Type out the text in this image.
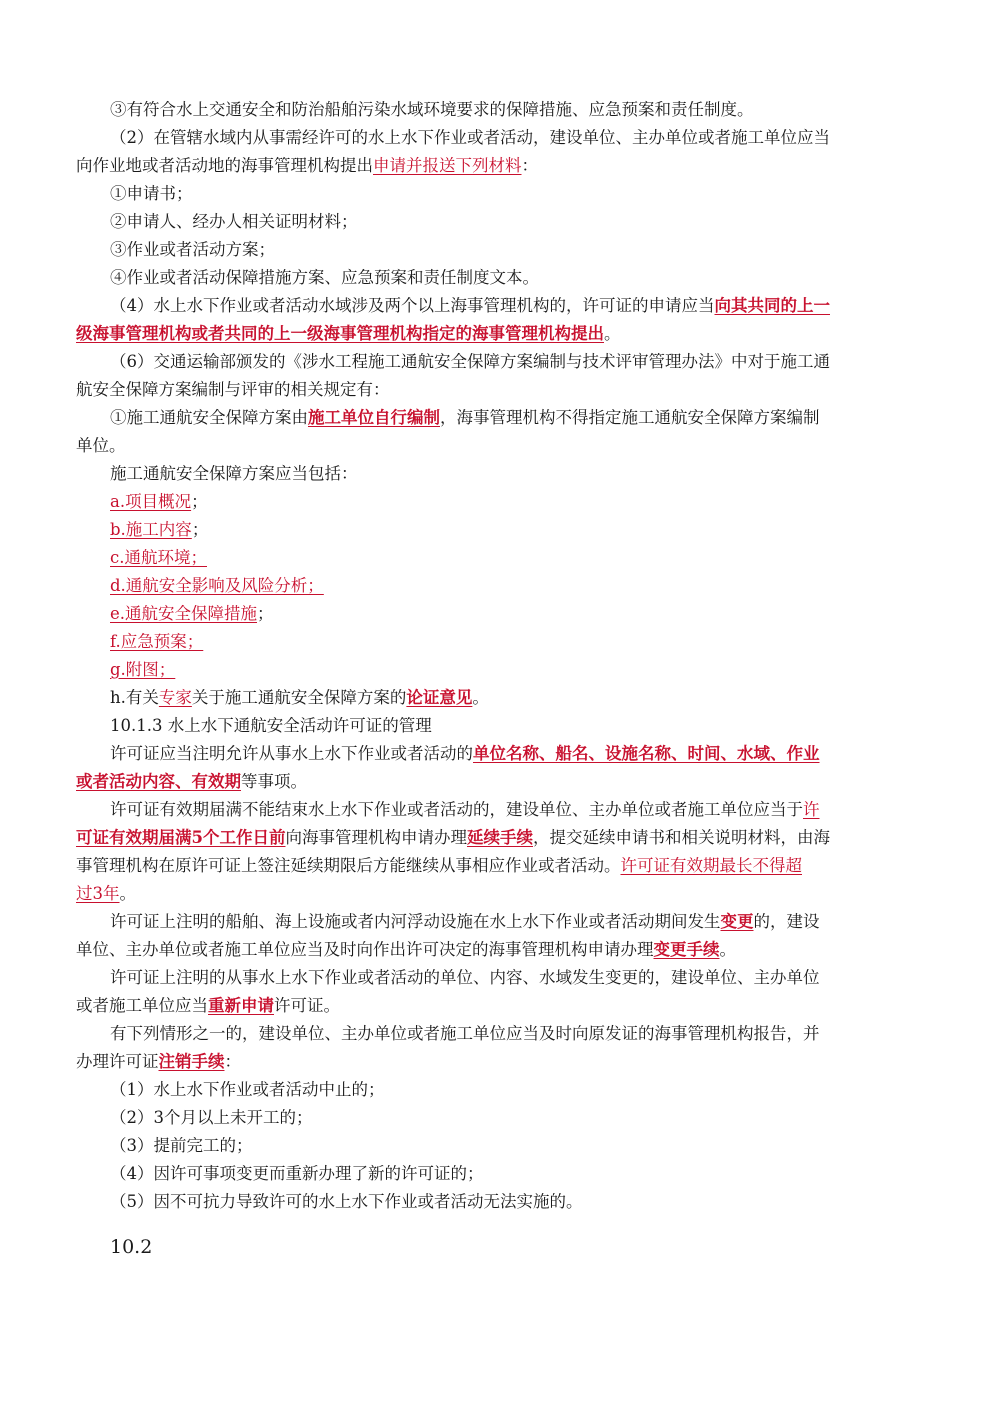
③有符合水上交通安全和防治船舶污染水域环境要求的保障措施、应急预案和责任制度。
（2）在管辖水域内从事需经许可的水上水下作业或者活动，建设单位、主办单位或者施工单位应当
向作业地或者活动地的海事管理机构提出申请并报送下列材料：
①申请书；
②申请人、经办人相关证明材料；
③作业或者活动方案；
④作业或者活动保障措施方案、应急预案和责任制度文本。
（4）水上水下作业或者活动水域涉及两个以上海事管理机构的，许可证的申请应当向其共同的上一
级海事管理机构或者共同的上一级海事管理机构指定的海事管理机构提出。
（6）交通运输部颁发的《涉水工程施工通航安全保障方案编制与技术评审管理办法》中对于施工通
航安全保障方案编制与评审的相关规定有：
①施工通航安全保障方案由施工单位自行编制，海事管理机构不得指定施工通航安全保障方案编制
单位。
施工通航安全保障方案应当包括：
a.项目概况；
b.施工内容；
c.通航环境；
d.通航安全影响及风险分析；
e.通航安全保障措施；
f.应急预案；
g.附图；
h.有关专家关于施工通航安全保障方案的论证意见。
10.1.3 水上水下通航安全活动许可证的管理
许可证应当注明允许从事水上水下作业或者活动的单位名称、船名、设施名称、时间、水域、作业
或者活动内容、有效期等事项。
许可证有效期届满不能结束水上水下作业或者活动的，建设单位、主办单位或者施工单位应当于许
可证有效期届满5个工作日前向海事管理机构申请办理延续手续，提交延续申请书和相关说明材料，由海
事管理机构在原许可证上签注延续期限后方能继续从事相应作业或者活动。许可证有效期最长不得超
过3年。
许可证上注明的船舶、海上设施或者内河浮动设施在水上水下作业或者活动期间发生变更的，建设
单位、主办单位或者施工单位应当及时向作出许可决定的海事管理机构申请办理变更手续。
许可证上注明的从事水上水下作业或者活动的单位、内容、水域发生变更的，建设单位、主办单位
或者施工单位应当重新申请许可证。
有下列情形之一的，建设单位、主办单位或者施工单位应当及时向原发证的海事管理机构报告，并
办理许可证注销手续：
（1）水上水下作业或者活动中止的；
（2）3个月以上未开工的；
（3）提前完工的；
（4）因许可事项变更而重新办理了新的许可证的；
（5）因不可抗力导致许可的水上水下作业或者活动无法实施的。
10.2
